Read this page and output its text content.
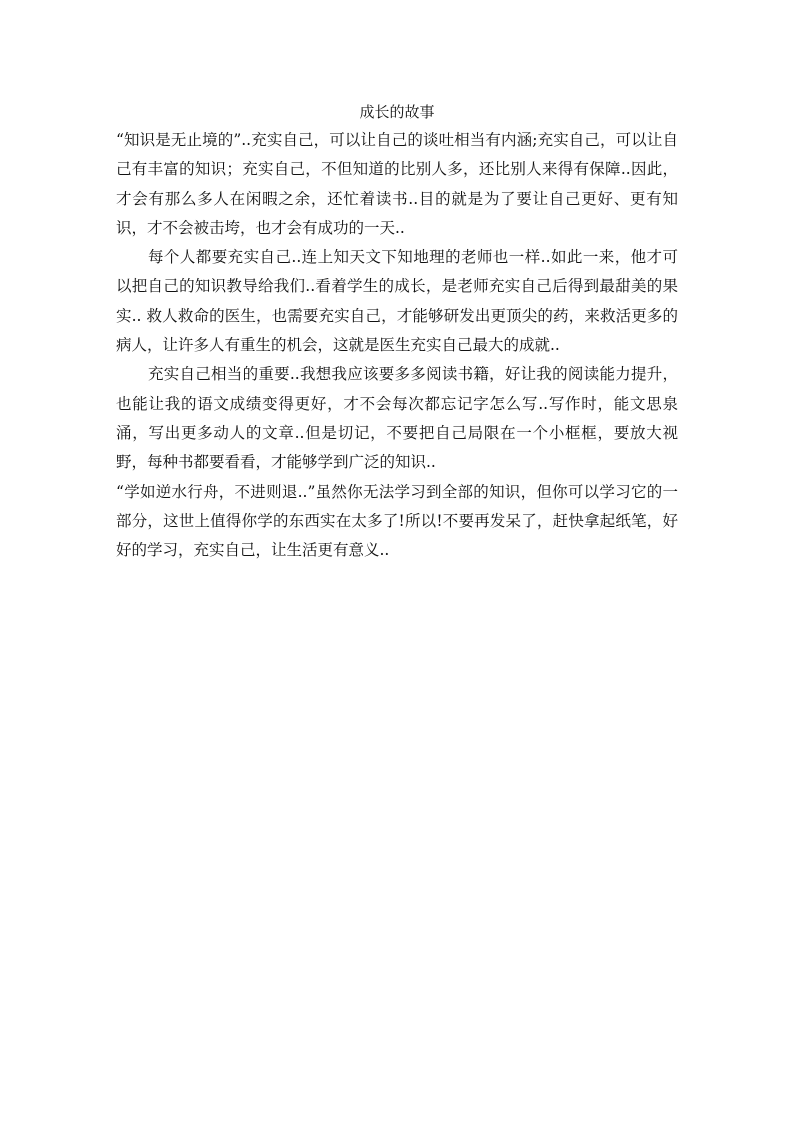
成长的故事

“知识是无止境的”..充实自己，可以让自己的谈吐相当有内涵;充实自己，可以让自己有丰富的知识；充实自己，不但知道的比别人多，还比别人来得有保障..因此，才会有那么多人在闲暇之余，还忙着读书..目的就是为了要让自己更好、更有知识，才不会被击垮，也才会有成功的一天..

每个人都要充实自己..连上知天文下知地理的老师也一样..如此一来，他才可以把自己的知识教导给我们..看着学生的成长，是老师充实自己后得到最甜美的果实.. 救人救命的医生，也需要充实自己，才能够研发出更顶尖的药，来救活更多的病人，让许多人有重生的机会，这就是医生充实自己最大的成就..

充实自己相当的重要..我想我应该要多多阅读书籍，好让我的阅读能力提升，也能让我的语文成绩变得更好，才不会每次都忘记字怎么写..写作时，能文思泉涌，写出更多动人的文章..但是切记，不要把自己局限在一个小框框，要放大视野，每种书都要看看，才能够学到广泛的知识..

“学如逆水行舟，不进则退..”虽然你无法学习到全部的知识，但你可以学习它的一部分，这世上值得你学的东西实在太多了!所以!不要再发呆了，赶快拿起纸笔，好好的学习，充实自己，让生活更有意义..
